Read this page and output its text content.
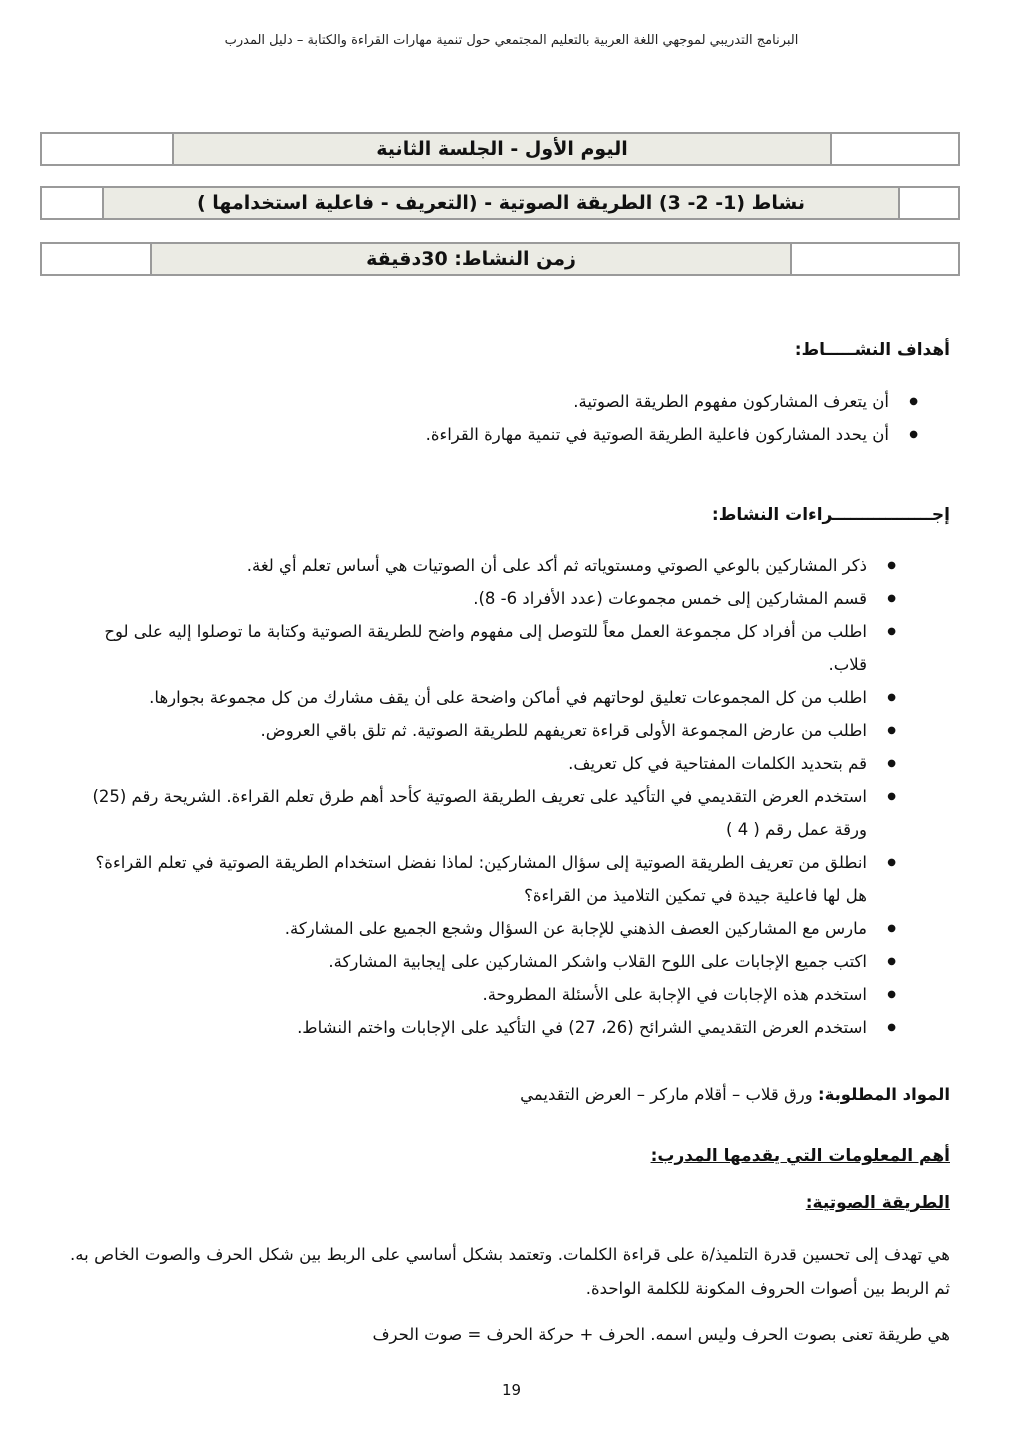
البرنامج التدريبي لموجهي اللغة العربية بالتعليم المجتمعي حول تنمية مهارات القراءة والكتابة – دليل المدرب
اليوم الأول - الجلسة الثانية
نشاط (1- 2- 3) الطريقة الصوتية - (التعريف - فاعلية استخدامها )
زمن النشاط: 30دقيقة
أهداف النشـــــاط:
● أن يتعرف المشاركون مفهوم الطريقة الصوتية.
● أن يحدد المشاركون فاعلية الطريقة الصوتية في تنمية مهارة القراءة.
إجـــــــــــــــــراءات النشاط:
● ذكر المشاركين بالوعي الصوتي ومستوياته ثم أكد على أن الصوتيات هي أساس تعلم أي لغة.
● قسم المشاركين إلى خمس مجموعات (عدد الأفراد 6- 8).
● اطلب من أفراد كل مجموعة العمل معاً للتوصل إلى مفهوم واضح للطريقة الصوتية وكتابة ما توصلوا إليه على لوح قلاب.
● اطلب من كل المجموعات تعليق لوحاتهم في أماكن واضحة على أن يقف مشارك من كل مجموعة بجوارها.
● اطلب من عارض المجموعة الأولى قراءة تعريفهم للطريقة الصوتية. ثم تلق باقي العروض.
● قم بتحديد الكلمات المفتاحية في كل تعريف.
● استخدم العرض التقديمي في التأكيد على تعريف الطريقة الصوتية كأحد أهم طرق تعلم القراءة. الشريحة رقم (25) ورقة عمل رقم ( 4 )
● انطلق من تعريف الطريقة الصوتية إلى سؤال المشاركين: لماذا نفضل استخدام الطريقة الصوتية في تعلم القراءة؟ هل لها فاعلية جيدة في تمكين التلاميذ من القراءة؟
● مارس مع المشاركين العصف الذهني للإجابة عن السؤال وشجع الجميع على المشاركة.
● اكتب جميع الإجابات على اللوح القلاب واشكر المشاركين على إيجابية المشاركة.
● استخدم هذه الإجابات في الإجابة على الأسئلة المطروحة.
● استخدم العرض التقديمي الشرائح (26، 27) في التأكيد على الإجابات واختم النشاط.
المواد المطلوبة: ورق قلاب – أقلام ماركر – العرض التقديمي
أهم المعلومات التي يقدمها المدرب:
الطريقة الصوتية:
هي تهدف إلى تحسين قدرة التلميذ/ة على قراءة الكلمات. وتعتمد بشكل أساسي على الربط بين شكل الحرف والصوت الخاص به. ثم الربط بين أصوات الحروف المكونة للكلمة الواحدة.
هي طريقة تعنى بصوت الحرف وليس اسمه. الحرف + حركة الحرف = صوت الحرف
19
